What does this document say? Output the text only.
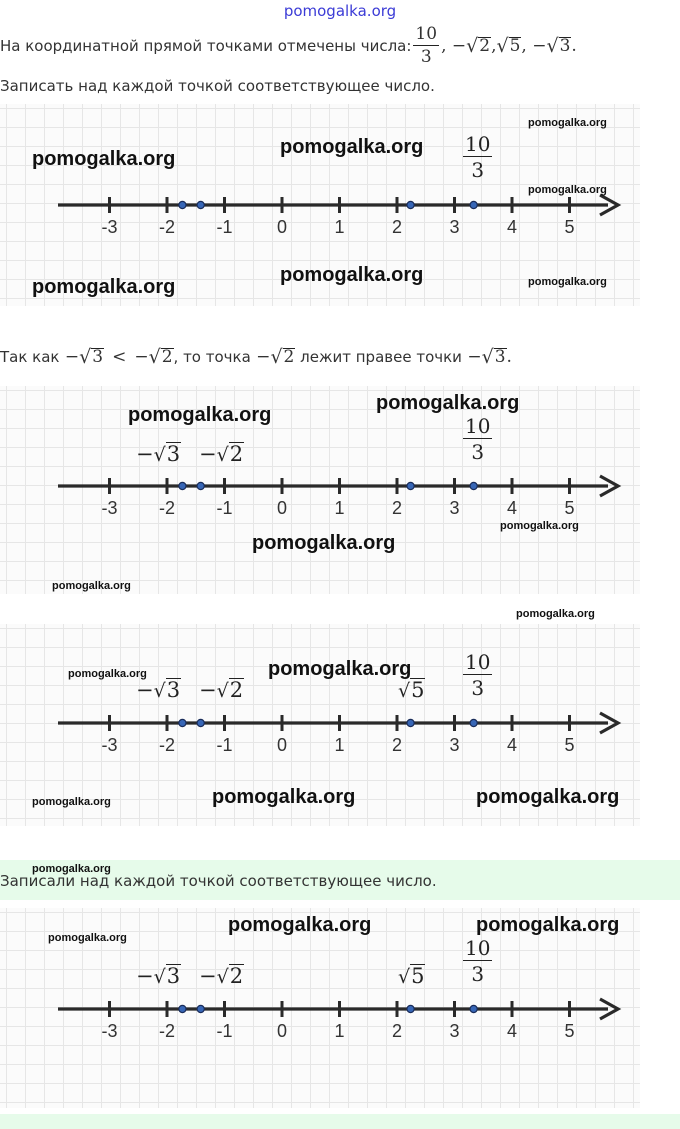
pomogalka.org
На координатной прямой точками отмечены числа: $\frac{10}{3}$ , − √ 2 , √ 5 , − √ 3 .
Записать над каждой точкой соответствующее число.
-3 -2 -1 0	1	2	3	4	5
$\frac{10}{3}$
pomogalka.org
pomogalka.org
pomogalka.org
pomogalka.org
pomogalka.org
pomogalka.org	pomogalka.org
Так как − √ 3 < − √ 2 , то точка − √ 2
лежит правее точки − √ 3 .
-3 -2 -1 0	1	2	3	4	5
− √ 3 − √ 2	$\frac{10}{3}$
pomogalka.org
pomogalka.org
pomogalka.org
pomogalka.org
pomogalka.org
pomogalka.org
-3 -2 -1 0	1	2	3	4	5
− √ 3 − √ 2	√ $5 \frac{10}{3}$
pomogalka.org	pomogalka.org
pomogalka.org	pomogalka.org	pomogalka.org
Записали над каждой точкой соответствующее число.
pomogalka.org
-3 -2 -1 0	1	2	3	4	5
− √ 3 − √ 2	√ $5 \frac{10}{3}$
pomogalka.org
pomogalka.org	pomogalka.org
